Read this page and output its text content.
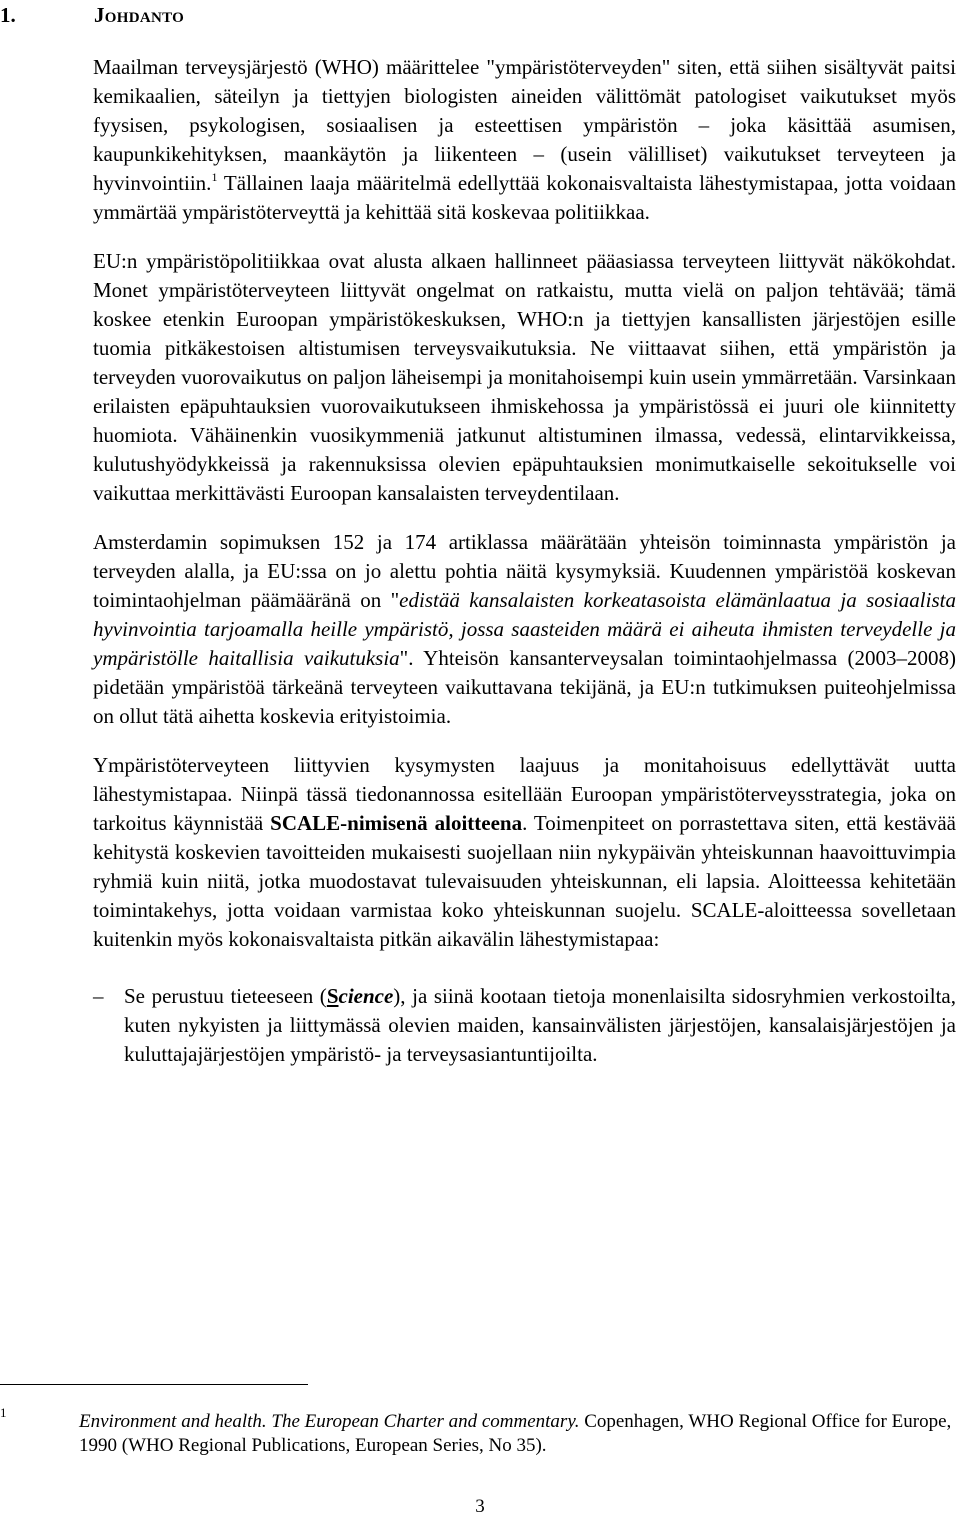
1.	Johdanto

Maailman terveysjärjestö (WHO) määrittelee "ympäristöterveyden" siten, että siihen sisältyvät paitsi kemikaalien, säteilyn ja tiettyjen biologisten aineiden välittömät patologiset vaikutukset myös fyysisen, psykologisen, sosiaalisen ja esteettisen ympäristön – joka käsittää asumisen, kaupunkikehityksen, maankäytön ja liikenteen – (usein välilliset) vaikutukset terveyteen ja hyvinvointiin.$^1$ Tällainen laaja määritelmä edellyttää kokonaisvaltaista lähestymistapaa, jotta voidaan ymmärtää ympäristöterveyttä ja kehittää sitä koskevaa politiikkaa.

EU:n ympäristöpolitiikkaa ovat alusta alkaen hallinneet pääasiassa terveyteen liittyvät näkökohdat. Monet ympäristöterveyteen liittyvät ongelmat on ratkaistu, mutta vielä on paljon tehtävää; tämä koskee etenkin Euroopan ympäristökeskuksen, WHO:n ja tiettyjen kansallisten järjestöjen esille tuomia pitkäkestoisen altistumisen terveysvaikutuksia. Ne viittaavat siihen, että ympäristön ja terveyden vuorovaikutus on paljon läheisempi ja monitahoisempi kuin usein ymmärretään. Varsinkaan erilaisten epäpuhtauksien vuorovaikutukseen ihmiskehossa ja ympäristössä ei juuri ole kiinnitetty huomiota. Vähäinenkin vuosikymmeniä jatkunut altistuminen ilmassa, vedessä, elintarvikkeissa, kulutushyödykkeissä ja rakennuksissa olevien epäpuhtauksien monimutkaiselle sekoitukselle voi vaikuttaa merkittävästi Euroopan kansalaisten terveydentilaan.

Amsterdamin sopimuksen 152 ja 174 artiklassa määrätään yhteisön toiminnasta ympäristön ja terveyden alalla, ja EU:ssa on jo alettu pohtia näitä kysymyksiä. Kuudennen ympäristöä koskevan toimintaohjelman päämääränä on "edistää kansalaisten korkeatasoista elämänlaatua ja sosiaalista hyvinvointia tarjoamalla heille ympäristö, jossa saasteiden määrä ei aiheuta ihmisten terveydelle ja ympäristölle haitallisia vaikutuksia". Yhteisön kansanterveysalan toimintaohjelmassa (2003–2008) pidetään ympäristöä tärkeänä terveyteen vaikuttavana tekijänä, ja EU:n tutkimuksen puiteohjelmissa on ollut tätä aihetta koskevia erityistoimia.

Ympäristöterveyteen liittyvien kysymysten laajuus ja monitahoisuus edellyttävät uutta lähestymistapaa. Niinpä tässä tiedonannossa esitellään Euroopan ympäristöterveysstrategia, joka on tarkoitus käynnistää SCALE-nimisenä aloitteena. Toimenpiteet on porrastettava siten, että kestävää kehitystä koskevien tavoitteiden mukaisesti suojellaan niin nykypäivän yhteiskunnan haavoittuvimpia ryhmiä kuin niitä, jotka muodostavat tulevaisuuden yhteiskunnan, eli lapsia. Aloitteessa kehitetään toimintakehys, jotta voidaan varmistaa koko yhteiskunnan suojelu. SCALE-aloitteessa sovelletaan kuitenkin myös kokonaisvaltaista pitkän aikavälin lähestymistapaa:

– Se perustuu tieteeseen (Science), ja siinä kootaan tietoja monenlaisilta sidosryhmien verkostoilta, kuten nykyisten ja liittymässä olevien maiden, kansainvälisten järjestöjen, kansalaisjärjestöjen ja kuluttajajärjestöjen ympäristö- ja terveysasiantuntijoilta.
1	Environment and health. The European Charter and commentary. Copenhagen, WHO Regional Office for Europe, 1990 (WHO Regional Publications, European Series, No 35).
3
